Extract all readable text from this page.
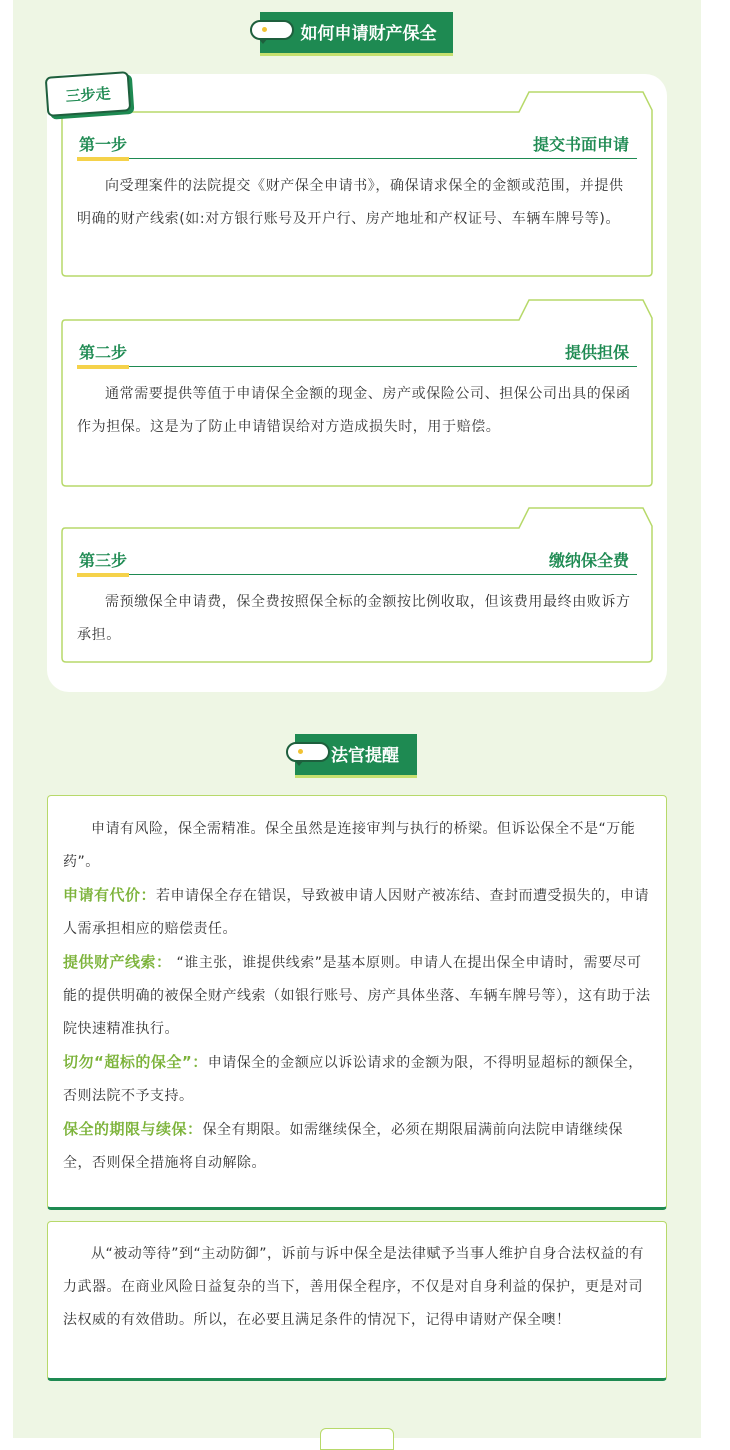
如何申请财产保全
三步走
第一步	提交书面申请
向受理案件的法院提交《财产保全申请书》，确保请求保全的金额或范围，并提供明确的财产线索(如:对方银行账号及开户行、房产地址和产权证号、车辆车牌号等)。
第二步	提供担保
通常需要提供等值于申请保全金额的现金、房产或保险公司、担保公司出具的保函作为担保。这是为了防止申请错误给对方造成损失时，用于赔偿。
第三步	缴纳保全费
需预缴保全申请费，保全费按照保全标的金额按比例收取，但该费用最终由败诉方承担。
法官提醒

申请有风险，保全需精准。保全虽然是连接审判与执行的桥梁。但诉讼保全不是“万能药”。

申请有代价：若申请保全存在错误，导致被申请人因财产被冻结、查封而遭受损失的，申请人需承担相应的赔偿责任。

提供财产线索： “谁主张，谁提供线索”是基本原则。申请人在提出保全申请时，需要尽可能的提供明确的被保全财产线索（如银行账号、房产具体坐落、车辆车牌号等），这有助于法院快速精准执行。

切勿“超标的保全”：申请保全的金额应以诉讼请求的金额为限，不得明显超标的额保全，否则法院不予支持。

保全的期限与续保：保全有期限。如需继续保全，必须在期限届满前向法院申请继续保全，否则保全措施将自动解除。

从“被动等待”到“主动防御”，诉前与诉中保全是法律赋予当事人维护自身合法权益的有力武器。在商业风险日益复杂的当下，善用保全程序，不仅是对自身利益的保护，更是对司法权威的有效借助。所以，在必要且满足条件的情况下，记得申请财产保全噢！
